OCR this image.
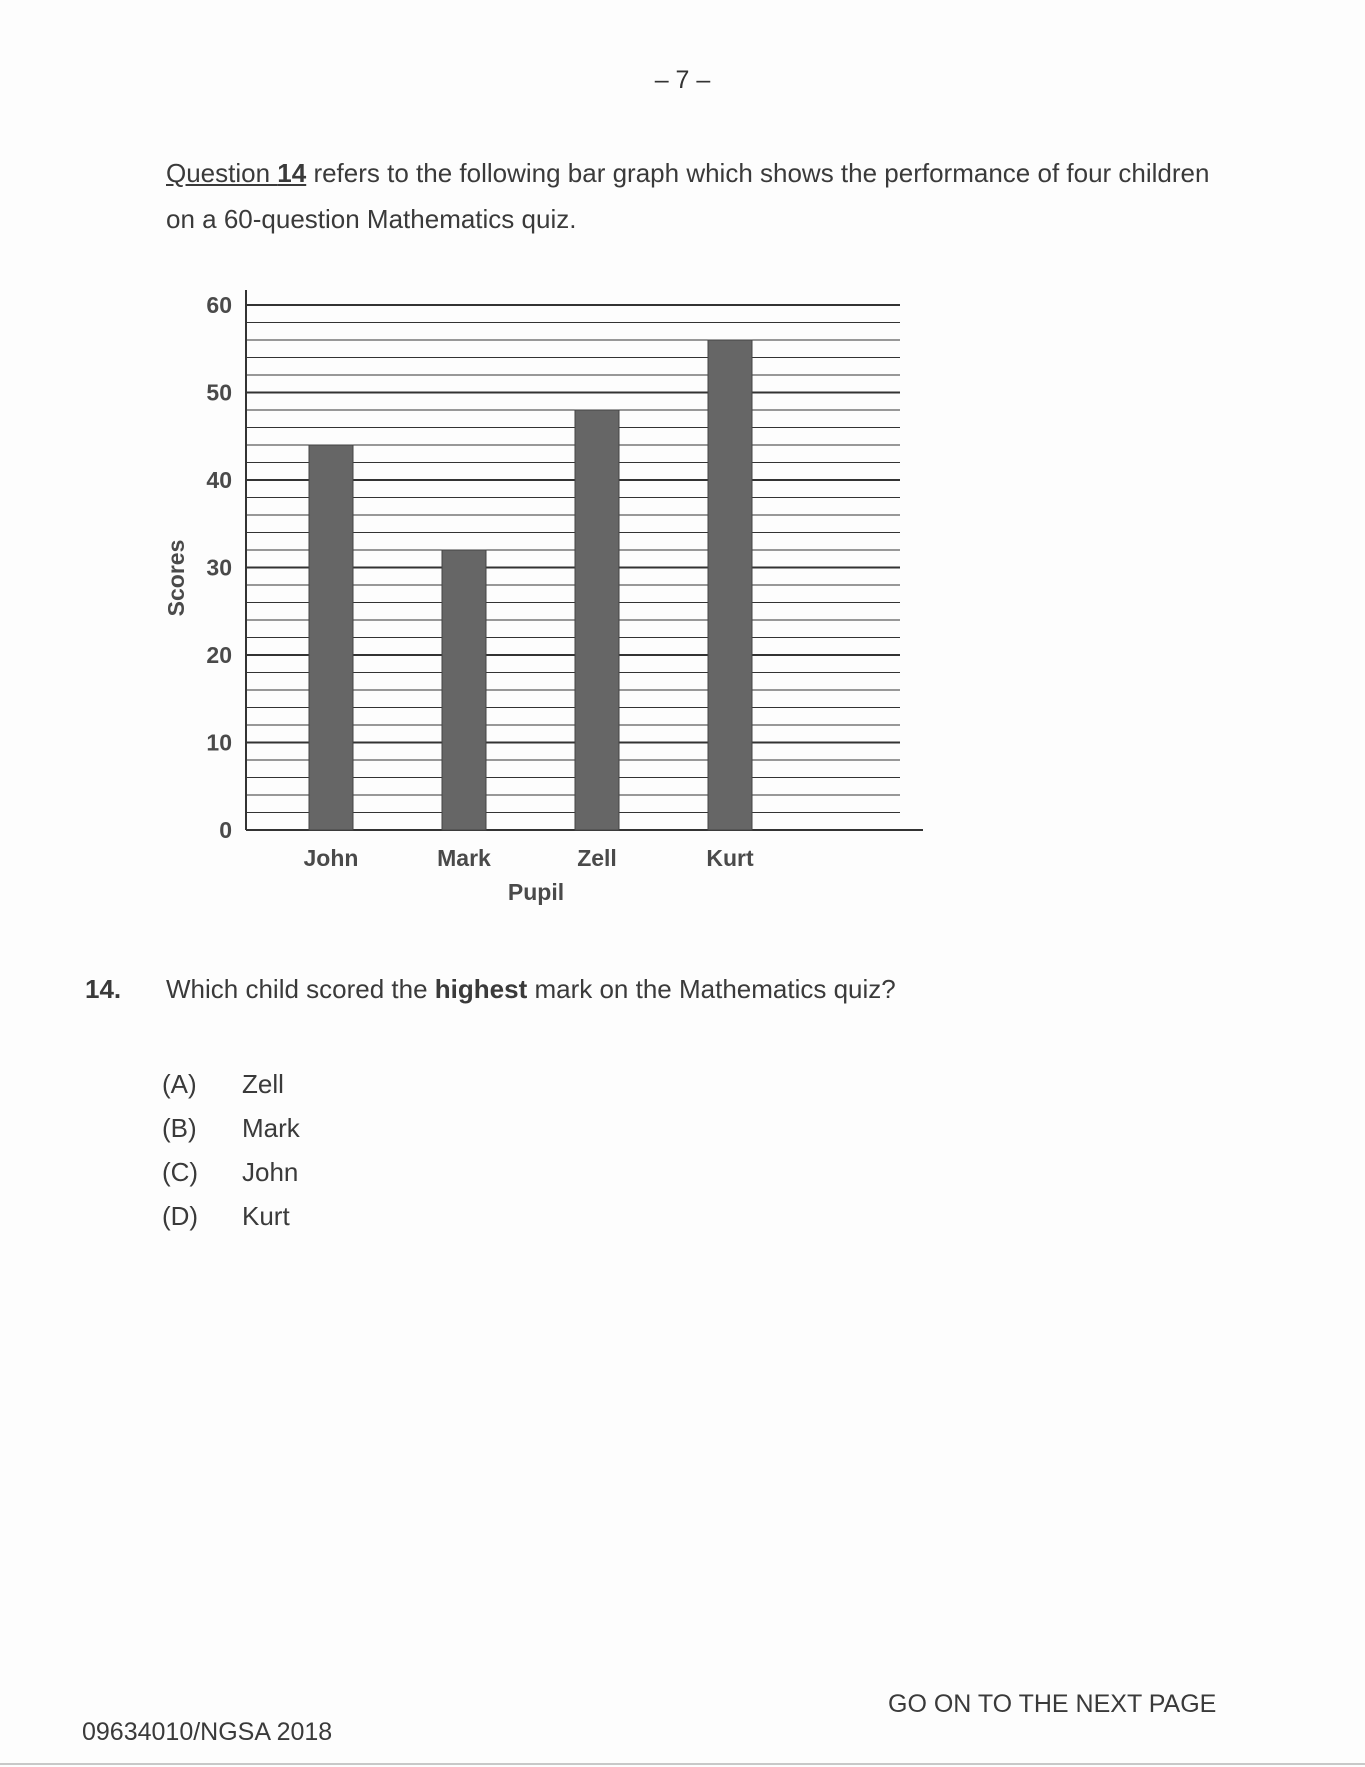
– 7 –
Question 14 refers to the following bar graph which shows the performance of four children
on a 60-question Mathematics quiz.
0
10
20
30
40
50
60
John	Mark	Zell	Kurt
Pupil
Scores
14. Which child scored the highest mark on the Mathematics quiz?
(A)	Zell
(B)	Mark
(C)	John
(D)	Kurt
GO ON TO THE NEXT PAGE
09634010/NGSA 2018
